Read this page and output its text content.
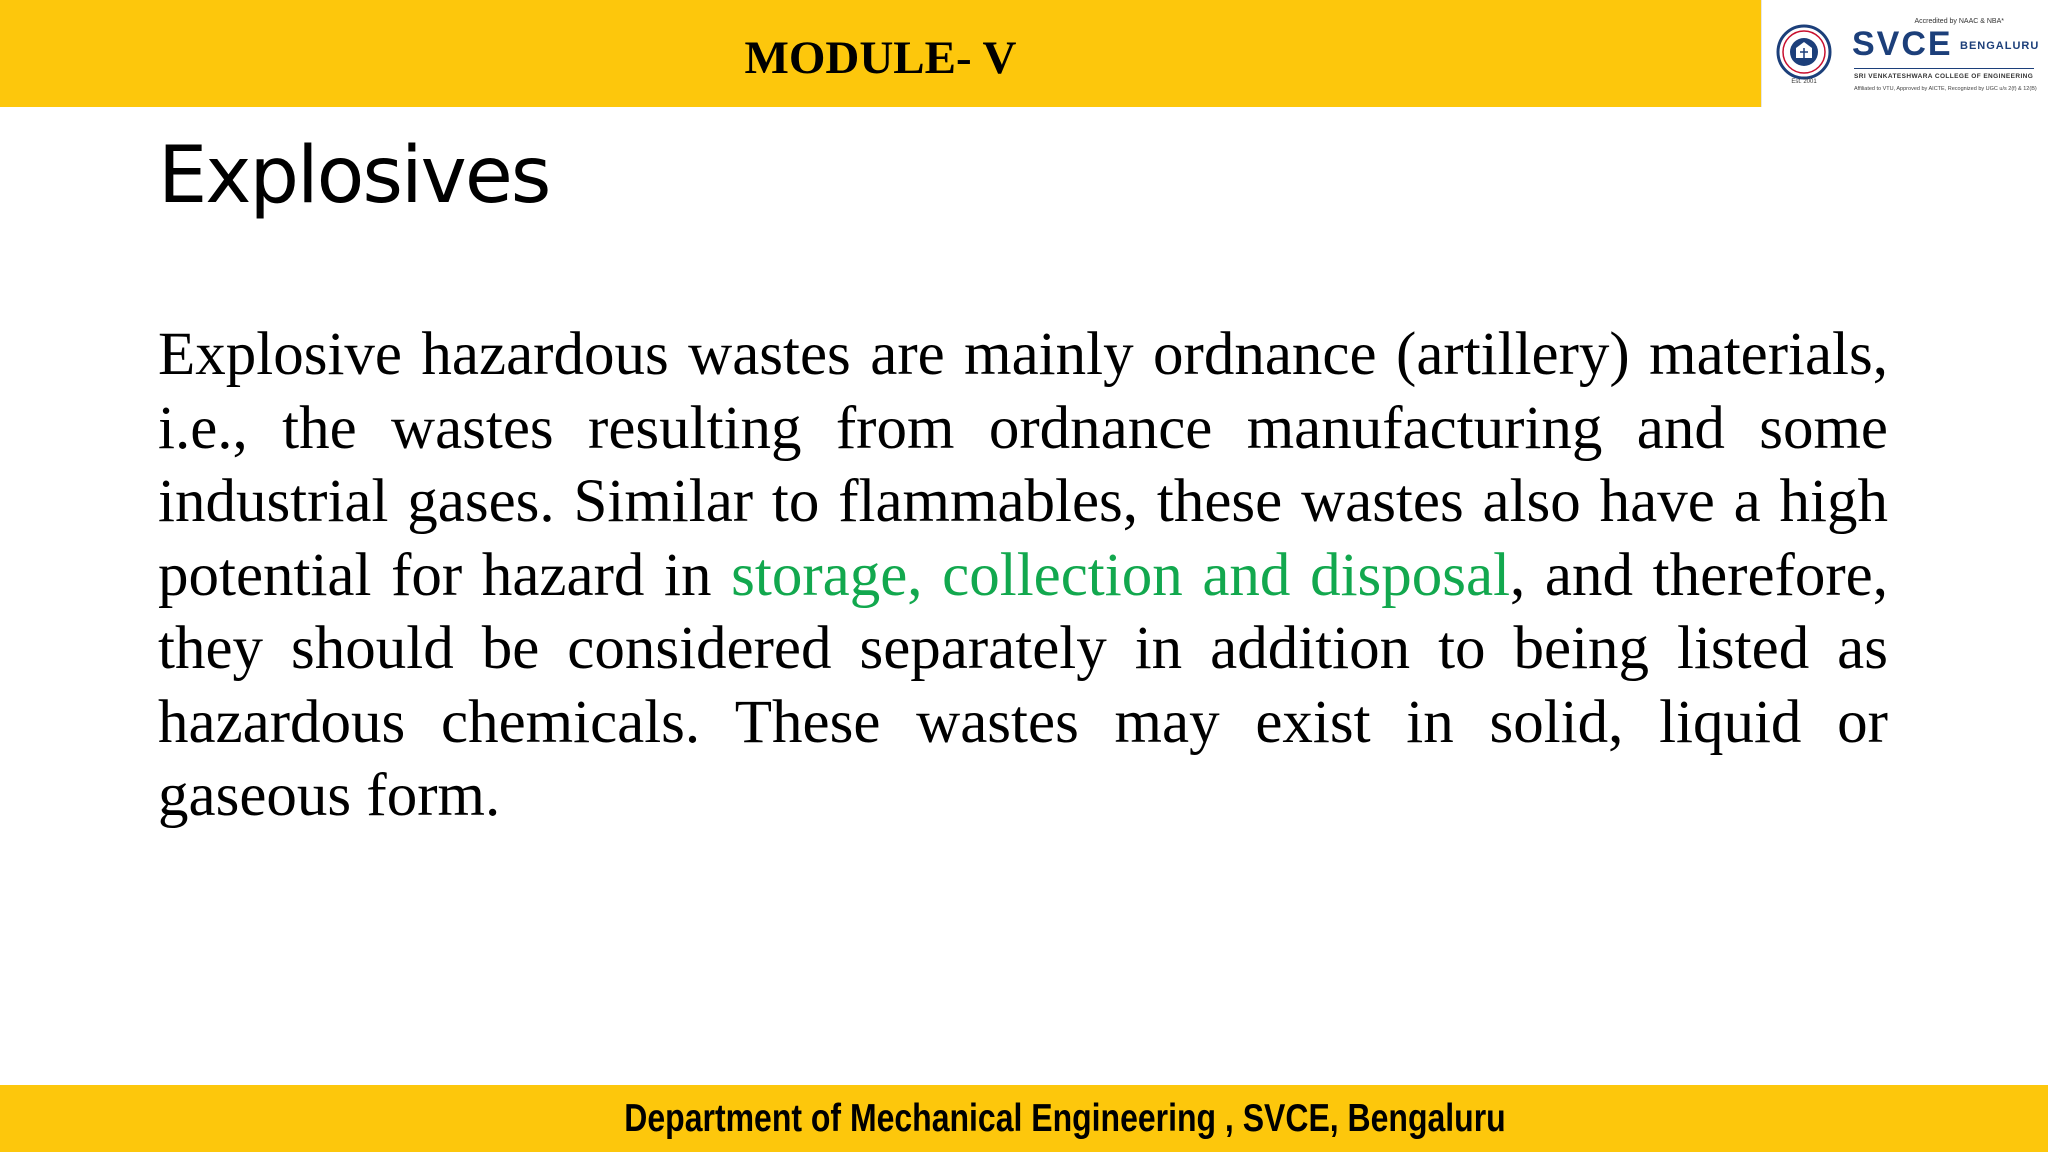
MODULE- V	Est. 2001
Accredited by NAAC & NBA*
SVCE BENGALURU
SRI VENKATESHWARA COLLEGE OF ENGINEERING
Affiliated to VTU, Approved by AICTE, Recognized by UGC u/s 2(f) & 12(B)
Explosives
Explosive hazardous wastes are mainly ordnance (artillery) materials, i.e., the wastes resulting from ordnance manufacturing and some industrial gases. Similar to flammables, these wastes also have a high potential for hazard in storage, collection and disposal, and therefore, they should be considered separately in addition to being listed as hazardous chemicals. These wastes may exist in solid, liquid or gaseous form.
Department of Mechanical Engineering , SVCE, Bengaluru
